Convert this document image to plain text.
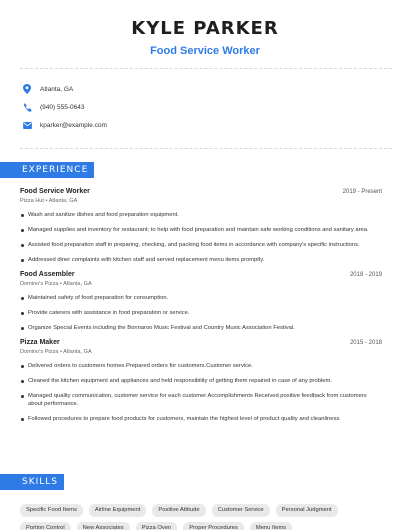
KYLE PARKER
Food Service Worker
Atlanta, GA
(940) 555-0643
kparker@example.com
EXPERIENCE
Food Service Worker	2019 - Present
Pizza Hut • Atlanta, GA
Wash and sanitize dishes and food preparation equipment.
Managed supplies and inventory for restaurant; to help with food preparation and maintain safe working conditions and sanitary area.
Assisted food preparation staff in preparing, checking, and packing food items in accordance with company's specific instructions.
Addressed diner complaints with kitchen staff and served replacement menu items promptly.
Food Assembler	2018 - 2019
Domino's Pizza • Atlanta, GA
Maintained safety of food preparation for consumption.
Provide caterers with assistance in food preparation or service.
Organize Special Events including the Bonnaroo Music Festival and Country Music Association Festival.
Pizza Maker	2015 - 2018
Domino's Pizza • Atlanta, GA
Delivered orders to customers homes.Prepared orders for customers.Customer service.
Cleaned the kitchen equipment and appliances and held responsibility of getting them repaired in case of any problem.
Managed quality communication, customer service for each customer Accomplishments Received positive feedback from customers about performance.
Followed procedures to prepare food products for customers, maintain the highest level of product quality and cleanliness.
SKILLS
Specific Food Items	Airline Equipment	Positive Attitude	Customer Service	Personal Judgment
Portion Control	New Associates	Pizza Oven	Proper Procedures	Menu Items
